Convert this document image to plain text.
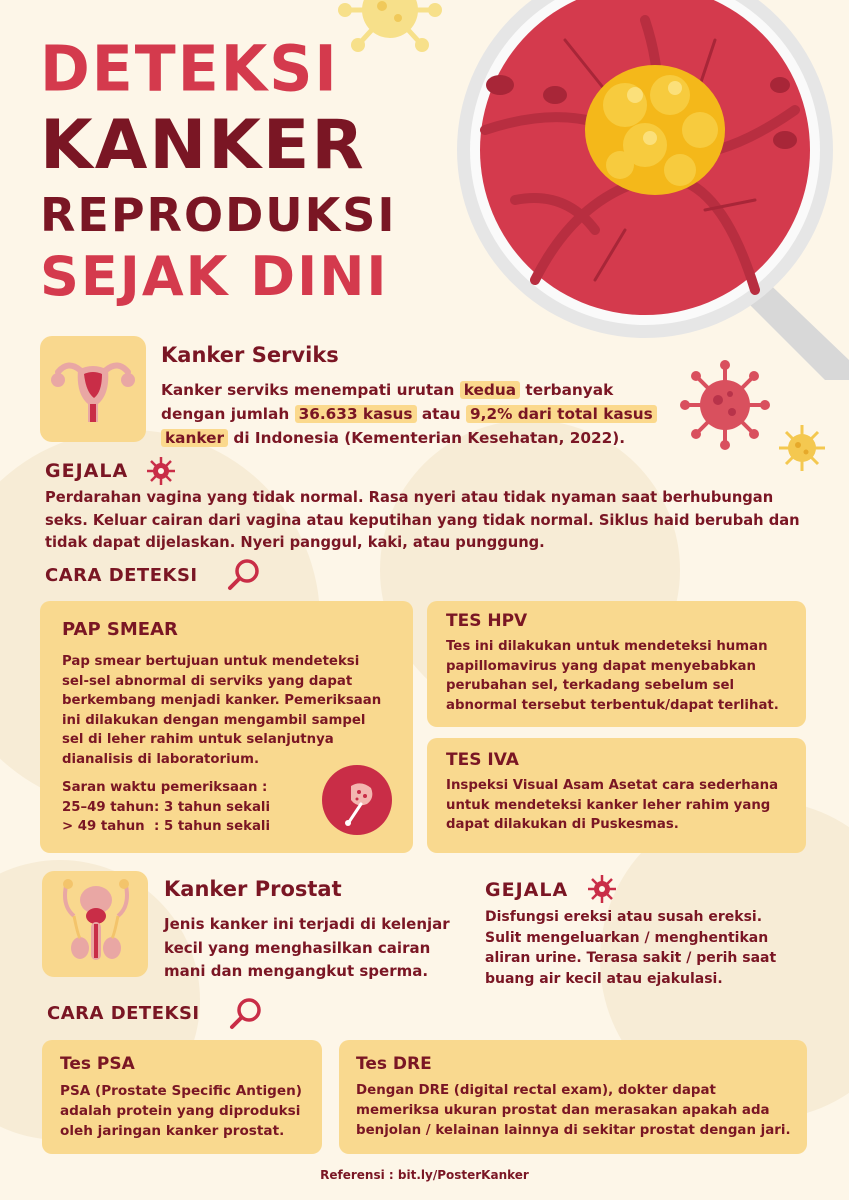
DETEKSI
KANKER
REPRODUKSI
SEJAK DINI
Kanker Serviks
Kanker serviks menempati urutan kedua terbanyak
dengan jumlah 36.633 kasus atau 9,2% dari total kasus
kanker di Indonesia (Kementerian Kesehatan, 2022).
GEJALA
Perdarahan vagina yang tidak normal. Rasa nyeri atau tidak nyaman saat berhubungan
seks. Keluar cairan dari vagina atau keputihan yang tidak normal. Siklus haid berubah dan
tidak dapat dijelaskan. Nyeri panggul, kaki, atau punggung.
CARA DETEKSI
PAP SMEAR
Pap smear bertujuan untuk mendeteksi
sel-sel abnormal di serviks yang dapat
berkembang menjadi kanker. Pemeriksaan
ini dilakukan dengan mengambil sampel
sel di leher rahim untuk selanjutnya
dianalisis di laboratorium.
Saran waktu pemeriksaan :
25–49 tahun: 3 tahun sekali
> 49 tahun : 5 tahun sekali
TES HPV
Tes ini dilakukan untuk mendeteksi human
papillomavirus yang dapat menyebabkan
perubahan sel, terkadang sebelum sel
abnormal tersebut terbentuk/dapat terlihat.
TES IVA
Inspeksi Visual Asam Asetat cara sederhana
untuk mendeteksi kanker leher rahim yang
dapat dilakukan di Puskesmas.
Kanker Prostat
Jenis kanker ini terjadi di kelenjar
kecil yang menghasilkan cairan
mani dan mengangkut sperma.
GEJALA
Disfungsi ereksi atau susah ereksi.
Sulit mengeluarkan / menghentikan
aliran urine. Terasa sakit / perih saat
buang air kecil atau ejakulasi.
CARA DETEKSI
Tes PSA
PSA (Prostate Specific Antigen)
adalah protein yang diproduksi
oleh jaringan kanker prostat.
Tes DRE
Dengan DRE (digital rectal exam), dokter dapat
memeriksa ukuran prostat dan merasakan apakah ada
benjolan / kelainan lainnya di sekitar prostat dengan jari.
Referensi : bit.ly/PosterKanker
